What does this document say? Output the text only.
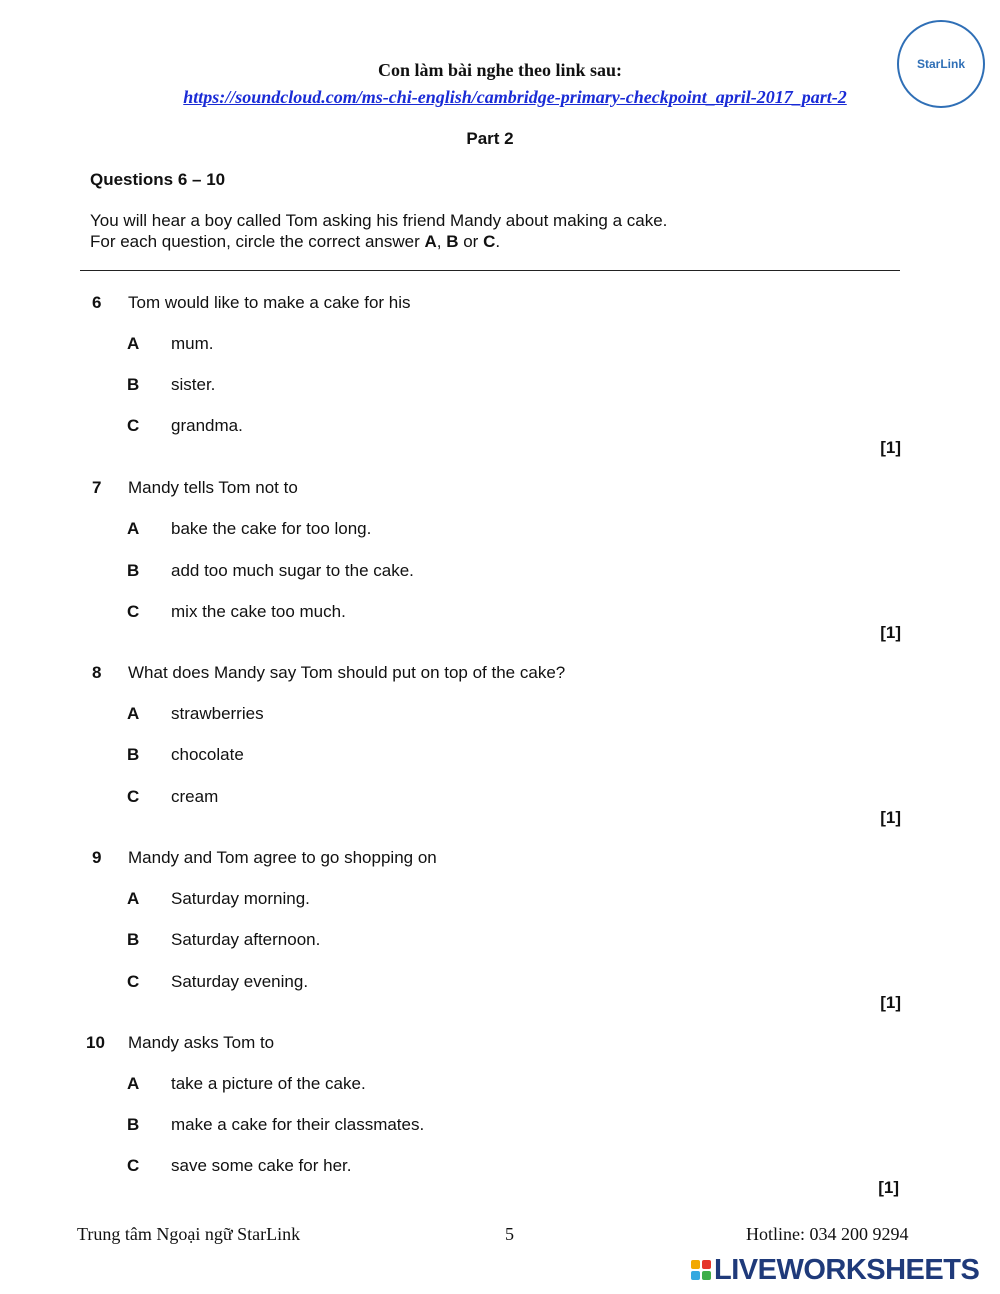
StarLink
Con làm bài nghe theo link sau:
https://soundcloud.com/ms-chi-english/cambridge-primary-checkpoint_april-2017_part-2
Part 2
Questions 6 – 10
You will hear a boy called Tom asking his friend Mandy about making a cake.
For each question, circle the correct answer A, B or C.
6 Tom would like to make a cake for his
A mum.
B sister.
C grandma.
[1]
7 Mandy tells Tom not to
A bake the cake for too long.
B add too much sugar to the cake.
C mix the cake too much.
[1]
8 What does Mandy say Tom should put on top of the cake?
A strawberries
B chocolate
C cream
[1]
9 Mandy and Tom agree to go shopping on
A Saturday morning.
B Saturday afternoon.
C Saturday evening.
[1]
10 Mandy asks Tom to
A take a picture of the cake.
B make a cake for their classmates.
C save some cake for her.
[1]
Trung tâm Ngoại ngữ StarLink	5	Hotline: 034 200 9294
LIVEWORKSHEETS
